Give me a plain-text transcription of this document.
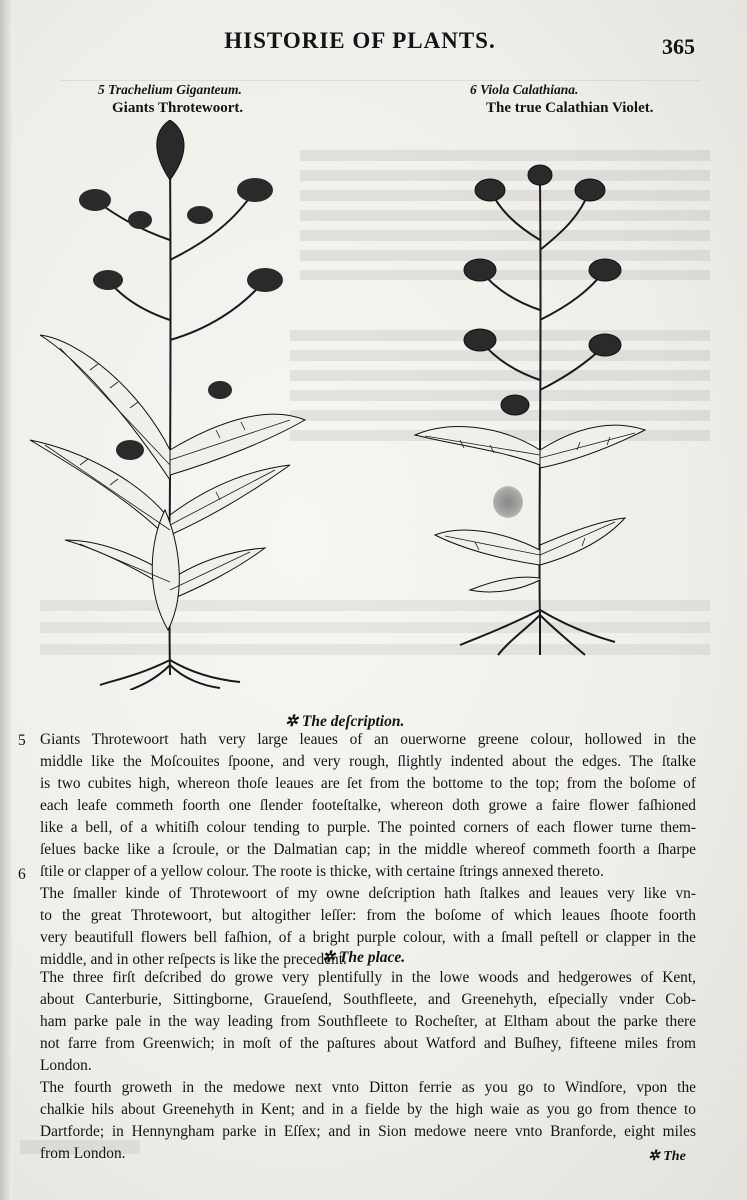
HISTORIE OF PLANTS.	365
5 Trachelium Giganteum.
Giants Throtewoort.
6 Viola Calathiana.
The true Calathian Violet.
✲ The deſcription.
5 Giants Throtewoort hath very large leaues of an ouerworne greene colour, hollowed in the
middle like the Moſcouites ſpoone, and very rough, ſlightly indented about the edges. The ſtalke
is two cubites high, whereon thoſe leaues are ſet from the bottome to the top; from the boſome of
each leafe commeth foorth one ſlender footeſtalke, whereon doth growe a faire flower faſhioned
like a bell, of a whitiſh colour tending to purple. The pointed corners of each flower turne them-
ſelues backe like a ſcroule, or the Dalmatian cap; in the middle whereof commeth foorth a ſharpe
ſtile or clapper of a yellow colour. The roote is thicke, with certaine ſtrings annexed thereto.
6
The ſmaller kinde of Throtewoort of my owne deſcription hath ſtalkes and leaues very like vn-
to the great Throtewoort, but altogither leſſer: from the boſome of which leaues ſhoote foorth
very beautifull flowers bell faſhion, of a bright purple colour, with a ſmall peſtell or clapper in the
middle, and in other reſpects is like the precedent.
✲ The place.
The three firſt deſcribed do growe very plentifully in the lowe woods and hedgerowes of Kent,
about Canterburie, Sittingborne, Graueſend, Southfleete, and Greenehyth, eſpecially vnder Cob-
ham parke pale in the way leading from Southfleete to Rocheſter, at Eltham about the parke there
not farre from Greenwich; in moſt of the paſtures about Watford and Buſhey, fifteene miles from
London.
The fourth groweth in the medowe next vnto Ditton ferrie as you go to Windſore, vpon the
chalkie hils about Greenehyth in Kent; and in a fielde by the high waie as you go from thence to
Dartforde; in Hennyngham parke in Eſſex; and in Sion medowe neere vnto Branforde, eight miles
from London.	✲ The
